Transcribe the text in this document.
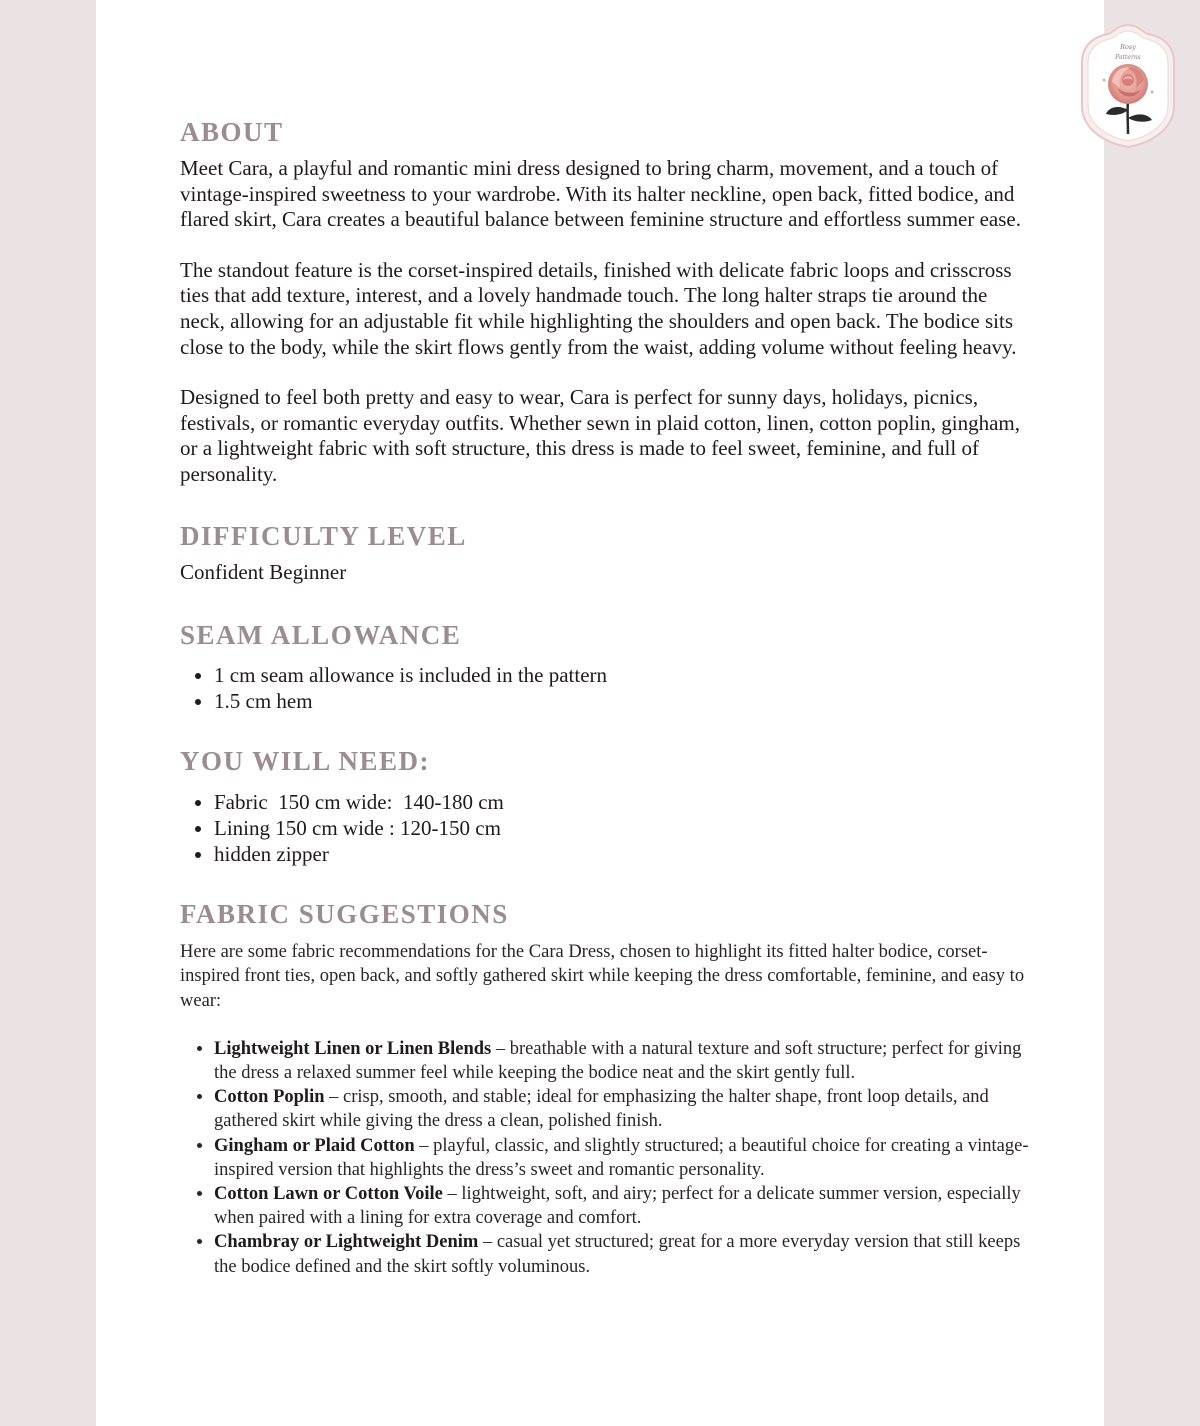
Rosy
Patterns
ABOUT

Meet Cara, a playful and romantic mini dress designed to bring charm, movement, and a touch of vintage-inspired sweetness to your wardrobe. With its halter neckline, open back, fitted bodice, and flared skirt, Cara creates a beautiful balance between feminine structure and effortless summer ease.

The standout feature is the corset-inspired details, finished with delicate fabric loops and crisscross ties that add texture, interest, and a lovely handmade touch. The long halter straps tie around the neck, allowing for an adjustable fit while highlighting the shoulders and open back. The bodice sits close to the body, while the skirt flows gently from the waist, adding volume without feeling heavy.

Designed to feel both pretty and easy to wear, Cara is perfect for sunny days, holidays, picnics, festivals, or romantic everyday outfits. Whether sewn in plaid cotton, linen, cotton poplin, gingham, or a lightweight fabric with soft structure, this dress is made to feel sweet, feminine, and full of personality.

DIFFICULTY LEVEL

Confident Beginner

SEAM ALLOWANCE
• 1 cm seam allowance is included in the pattern
• 1.5 cm hem
YOU WILL NEED:
• Fabric  150 cm wide:  140-180 cm
• Lining 150 cm wide : 120-150 cm
• hidden zipper
FABRIC SUGGESTIONS

Here are some fabric recommendations for the Cara Dress, chosen to highlight its fitted halter bodice, corset-inspired front ties, open back, and softly gathered skirt while keeping the dress comfortable, feminine, and easy to wear:

• Lightweight Linen or Linen Blends – breathable with a natural texture and soft structure; perfect for giving the dress a relaxed summer feel while keeping the bodice neat and the skirt gently full.
• Cotton Poplin – crisp, smooth, and stable; ideal for emphasizing the halter shape, front loop details, and gathered skirt while giving the dress a clean, polished finish.
• Gingham or Plaid Cotton – playful, classic, and slightly structured; a beautiful choice for creating a vintage-inspired version that highlights the dress’s sweet and romantic personality.
• Cotton Lawn or Cotton Voile – lightweight, soft, and airy; perfect for a delicate summer version, especially when paired with a lining for extra coverage and comfort.
• Chambray or Lightweight Denim – casual yet structured; great for a more everyday version that still keeps the bodice defined and the skirt softly voluminous.
